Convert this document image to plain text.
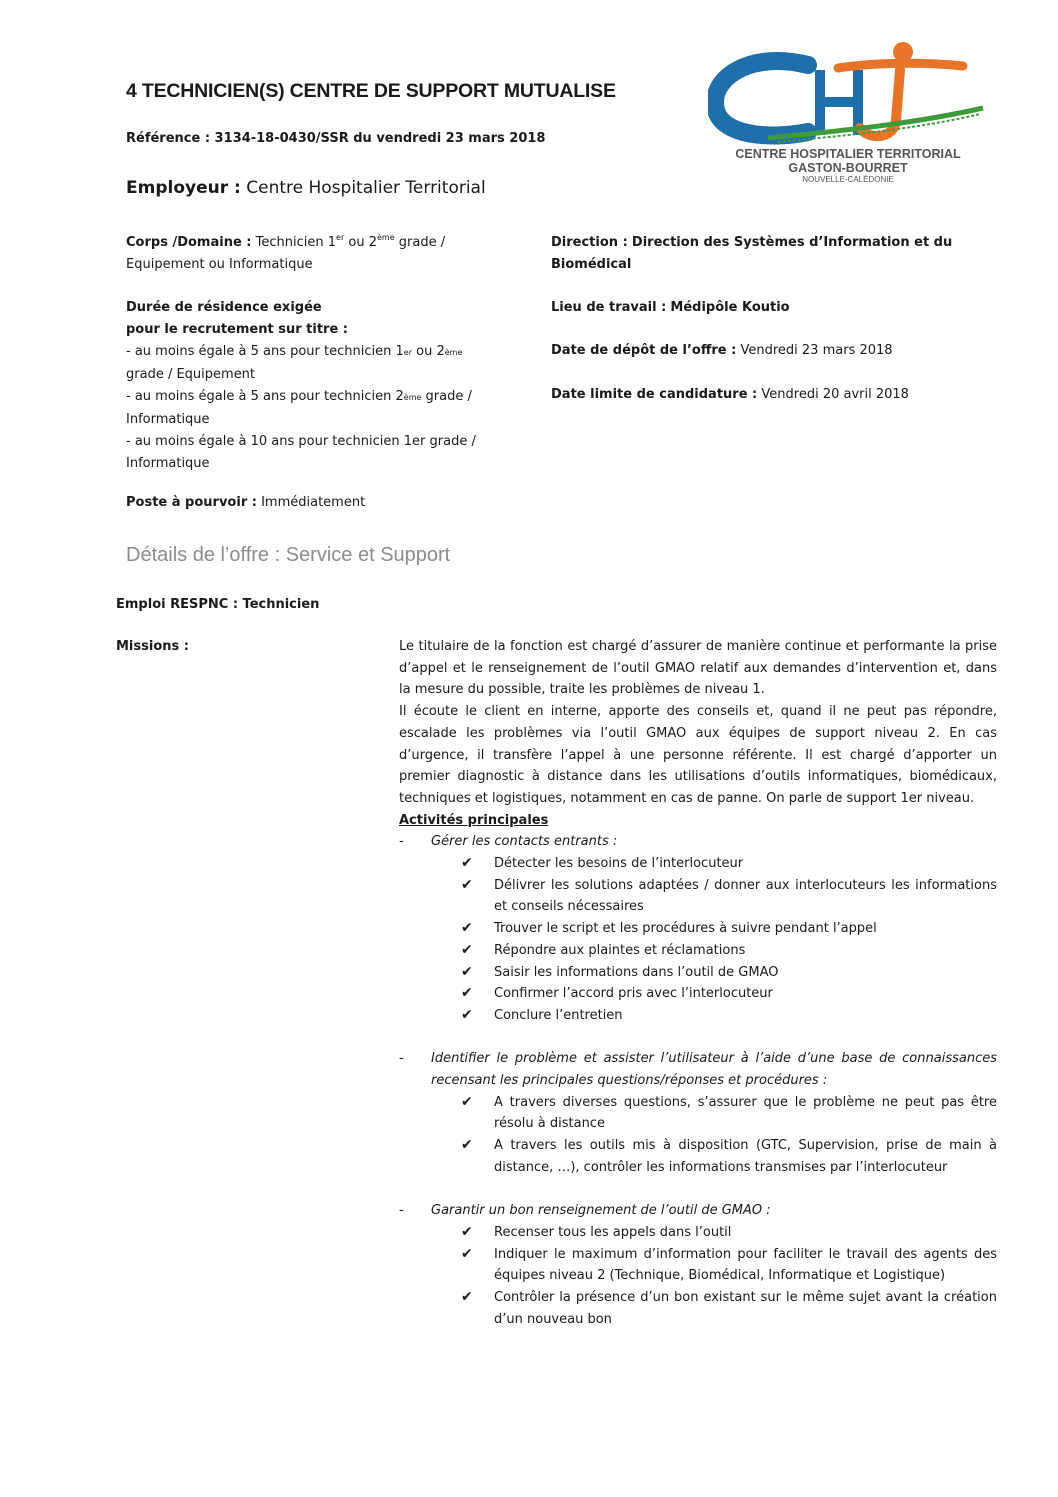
4 TECHNICIEN(S) CENTRE DE SUPPORT MUTUALISE
Référence : 3134-18-0430/SSR du vendredi 23 mars 2018
Employeur : Centre Hospitalier Territorial
CENTRE HOSPITALIER TERRITORIAL
GASTON-BOURRET
NOUVELLE-CALÉDONIE
Corps /Domaine : Technicien 1er ou 2ème grade /
Equipement ou Informatique
Durée de résidence exigée
pour le recrutement sur titre :
- au moins égale à 5 ans pour technicien 1er ou 2ème
grade / Equipement
- au moins égale à 5 ans pour technicien 2ème grade /
Informatique
- au moins égale à 10 ans pour technicien 1er grade /
Informatique
Poste à pourvoir : Immédiatement
Direction : Direction des Systèmes d’Information et du
Biomédical
Lieu de travail : Médipôle Koutio
Date de dépôt de l’offre : Vendredi 23 mars 2018
Date limite de candidature : Vendredi 20 avril 2018
Détails de l’offre : Service et Support
Emploi RESPNC : Technicien
Missions :	Le titulaire de la fonction est chargé d’assurer de manière continue et performante la prise d’appel et le renseignement de l’outil GMAO relatif aux demandes d’intervention et, dans la mesure du possible, traite les problèmes de niveau 1.

Il écoute le client en interne, apporte des conseils et, quand il ne peut pas répondre, escalade les problèmes via l’outil GMAO aux équipes de support niveau 2. En cas d’urgence, il transfère l’appel à une personne référente. Il est chargé d’apporter un premier diagnostic à distance dans les utilisations d’outils informatiques, biomédicaux, techniques et logistiques, notamment en cas de panne. On parle de support 1er niveau.

Activités principales
- Gérer les contacts entrants :
✔ Détecter les besoins de l’interlocuteur
✔ Délivrer les solutions adaptées / donner aux interlocuteurs les informations et conseils nécessaires
✔ Trouver le script et les procédures à suivre pendant l’appel
✔ Répondre aux plaintes et réclamations
✔ Saisir les informations dans l’outil de GMAO
✔ Confirmer l’accord pris avec l’interlocuteur
✔ Conclure l’entretien
- Identifier le problème et assister l’utilisateur à l’aide d’une base de connaissances recensant les principales questions/réponses et procédures :
✔ A travers diverses questions, s’assurer que le problème ne peut pas être résolu à distance
✔ A travers les outils mis à disposition (GTC, Supervision, prise de main à distance, …), contrôler les informations transmises par l’interlocuteur
- Garantir un bon renseignement de l’outil de GMAO :
✔ Recenser tous les appels dans l’outil
✔ Indiquer le maximum d’information pour faciliter le travail des agents des équipes niveau 2 (Technique, Biomédical, Informatique et Logistique)
✔ Contrôler la présence d’un bon existant sur le même sujet avant la création d’un nouveau bon
